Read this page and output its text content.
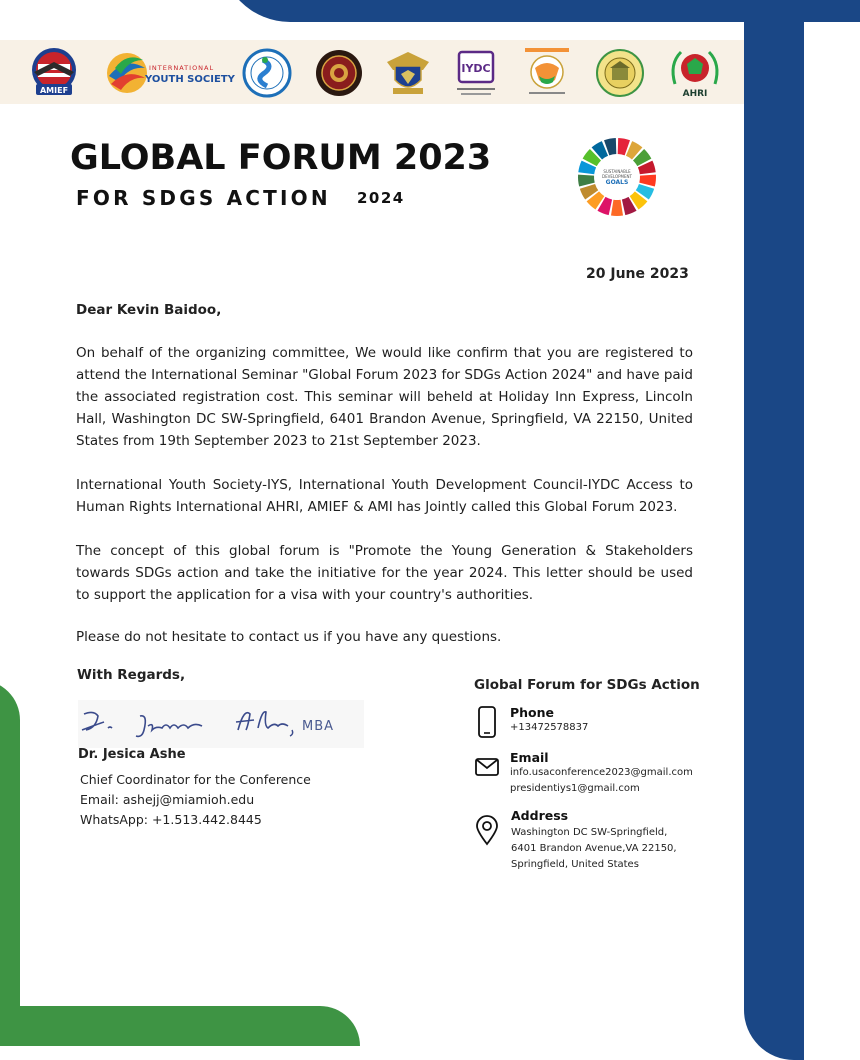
AMIEF
INTERNATIONAL
YOUTH SOCIETY
IYDC
AHRI
GLOBAL FORUM 2023
FOR SDGS ACTION 2024
SUSTAINABLE
DEVELOPMENT
GOALS
20 June 2023
Dear Kevin Baidoo,

On behalf of the organizing committee, We would like confirm that you are registered to attend the International Seminar "Global Forum 2023 for SDGs Action 2024" and have paid the associated registration cost. This seminar will beheld at Holiday Inn Express, Lincoln Hall, Washington DC SW-Springfield, 6401 Brandon Avenue, Springfield, VA 22150, United States from 19th September 2023 to 21st September 2023.

International Youth Society-IYS, International Youth Development Council-IYDC Access to Human Rights International AHRI, AMIEF & AMI has Jointly called this Global Forum 2023.

The concept of this global forum is "Promote the Young Generation & Stakeholders towards SDGs action and take the initiative for the year 2024. This letter should be used to support the application for a visa with your country's authorities.

Please do not hesitate to contact us if you have any questions.

With Regards,
MBA
Dr. Jesica Ashe
Chief Coordinator for the Conference
Email: ashejj@miamioh.edu
WhatsApp: +1.513.442.8445
Global Forum for SDGs Action
Phone
+13472578837
Email
info.usaconference2023@gmail.com
presidentiys1@gmail.com
Address
Washington DC SW-Springfield,
6401 Brandon Avenue,VA 22150,
Springfield, United States
